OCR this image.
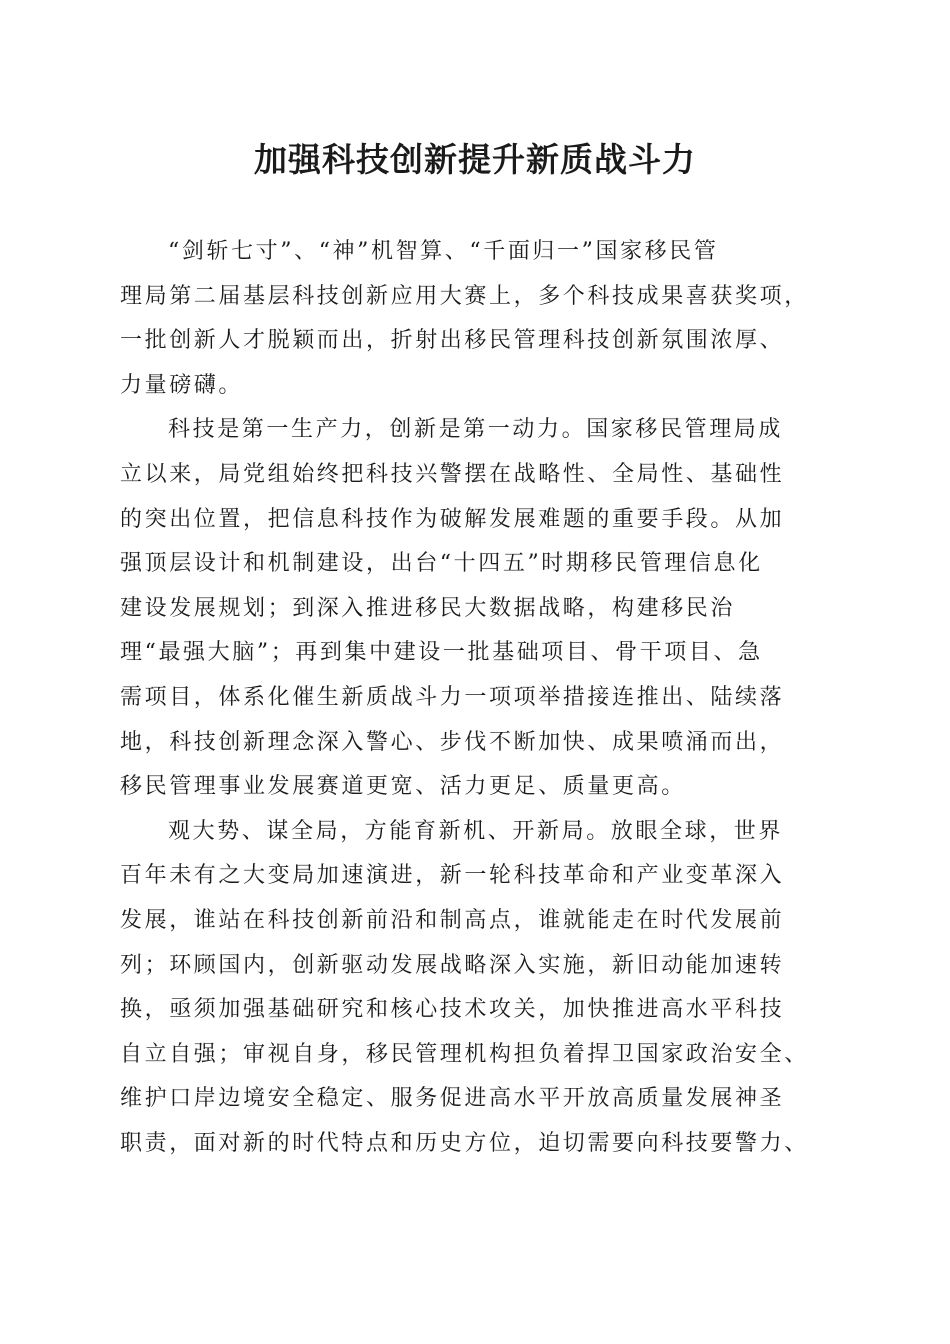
加强科技创新提升新质战斗力

“剑斩七寸”、“神”机智算、“千面归一”国家移民管
理局第二届基层科技创新应用大赛上，多个科技成果喜获奖项，
一批创新人才脱颖而出，折射出移民管理科技创新氛围浓厚、
力量磅礴。

科技是第一生产力，创新是第一动力。国家移民管理局成
立以来，局党组始终把科技兴警摆在战略性、全局性、基础性
的突出位置，把信息科技作为破解发展难题的重要手段。从加
强顶层设计和机制建设，出台“十四五”时期移民管理信息化
建设发展规划；到深入推进移民大数据战略，构建移民治
理“最强大脑”；再到集中建设一批基础项目、骨干项目、急
需项目，体系化催生新质战斗力一项项举措接连推出、陆续落
地，科技创新理念深入警心、步伐不断加快、成果喷涌而出，
移民管理事业发展赛道更宽、活力更足、质量更高。

观大势、谋全局，方能育新机、开新局。放眼全球，世界
百年未有之大变局加速演进，新一轮科技革命和产业变革深入
发展，谁站在科技创新前沿和制高点，谁就能走在时代发展前
列；环顾国内，创新驱动发展战略深入实施，新旧动能加速转
换，亟须加强基础研究和核心技术攻关，加快推进高水平科技
自立自强；审视自身，移民管理机构担负着捍卫国家政治安全、
维护口岸边境安全稳定、服务促进高水平开放高质量发展神圣
职责，面对新的时代特点和历史方位，迫切需要向科技要警力、
